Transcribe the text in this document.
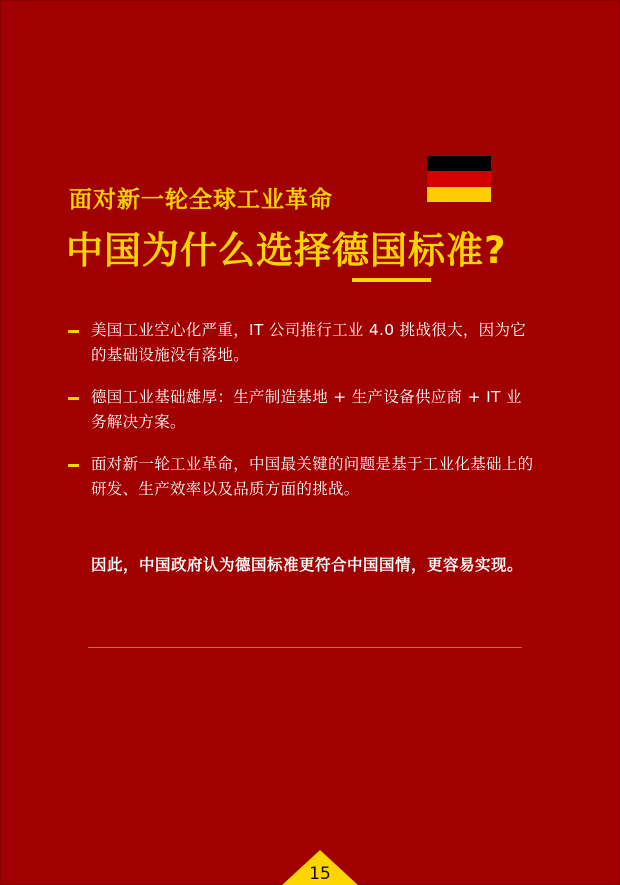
面对新一轮全球工业革命
中国为什么选择德国标准?
美国工业空心化严重，IT 公司推行工业 4.0 挑战很大，因为它的基础设施没有落地。
德国工业基础雄厚：生产制造基地 + 生产设备供应商 + IT 业务解决方案。
面对新一轮工业革命，中国最关键的问题是基于工业化基础上的研发、生产效率以及品质方面的挑战。
因此，中国政府认为德国标准更符合中国国情，更容易实现。
15
